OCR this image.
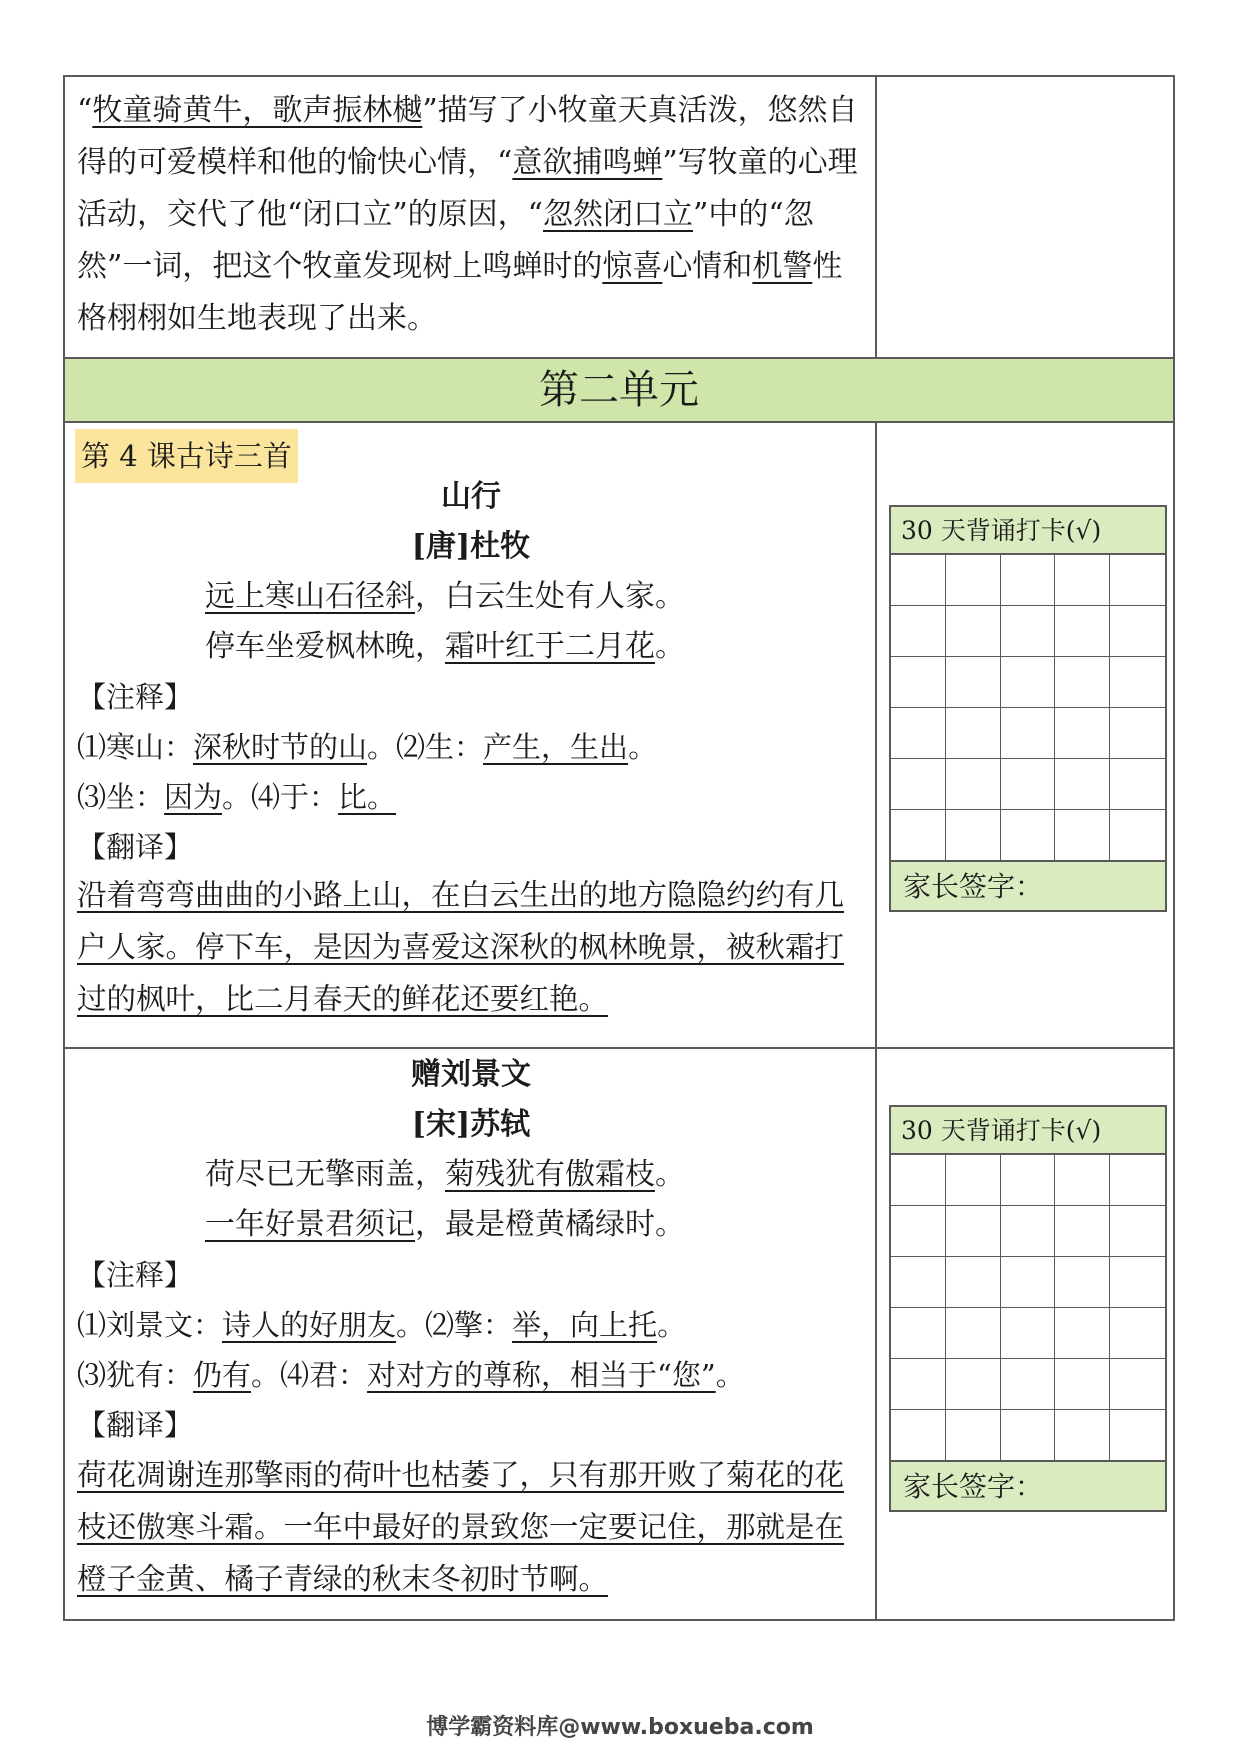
“牧童骑黄牛，歌声振林樾”描写了小牧童天真活泼，悠然自得的可爱模样和他的愉快心情，“意欲捕鸣蝉”写牧童的心理活动，交代了他“闭口立”的原因，“忽然闭口立”中的“忽然”一词，把这个牧童发现树上鸣蝉时的惊喜心情和机警性格栩栩如生地表现了出来。
第二单元
第 4 课古诗三首
山行
[唐]杜牧
远上寒山石径斜，白云生处有人家。
停车坐爱枫林晚，霜叶红于二月花。
【注释】
⑴寒山：深秋时节的山。⑵生：产生，生出。
⑶坐：因为。⑷于：比。
【翻译】
沿着弯弯曲曲的小路上山，在白云生出的地方隐隐约约有几户人家。停下车，是因为喜爱这深秋的枫林晚景，被秋霜打过的枫叶，比二月春天的鲜花还要红艳。
30 天背诵打卡(√)
家长签字：
赠刘景文
[宋]苏轼
荷尽已无擎雨盖，菊残犹有傲霜枝。
一年好景君须记，最是橙黄橘绿时。
【注释】
⑴刘景文：诗人的好朋友。⑵擎：举，向上托。
⑶犹有：仍有。⑷君：对对方的尊称，相当于“您”。
【翻译】
荷花凋谢连那擎雨的荷叶也枯萎了，只有那开败了菊花的花枝还傲寒斗霜。一年中最好的景致您一定要记住，那就是在橙子金黄、橘子青绿的秋末冬初时节啊。
30 天背诵打卡(√)
家长签字：
博学霸资料库@www.boxueba.com
